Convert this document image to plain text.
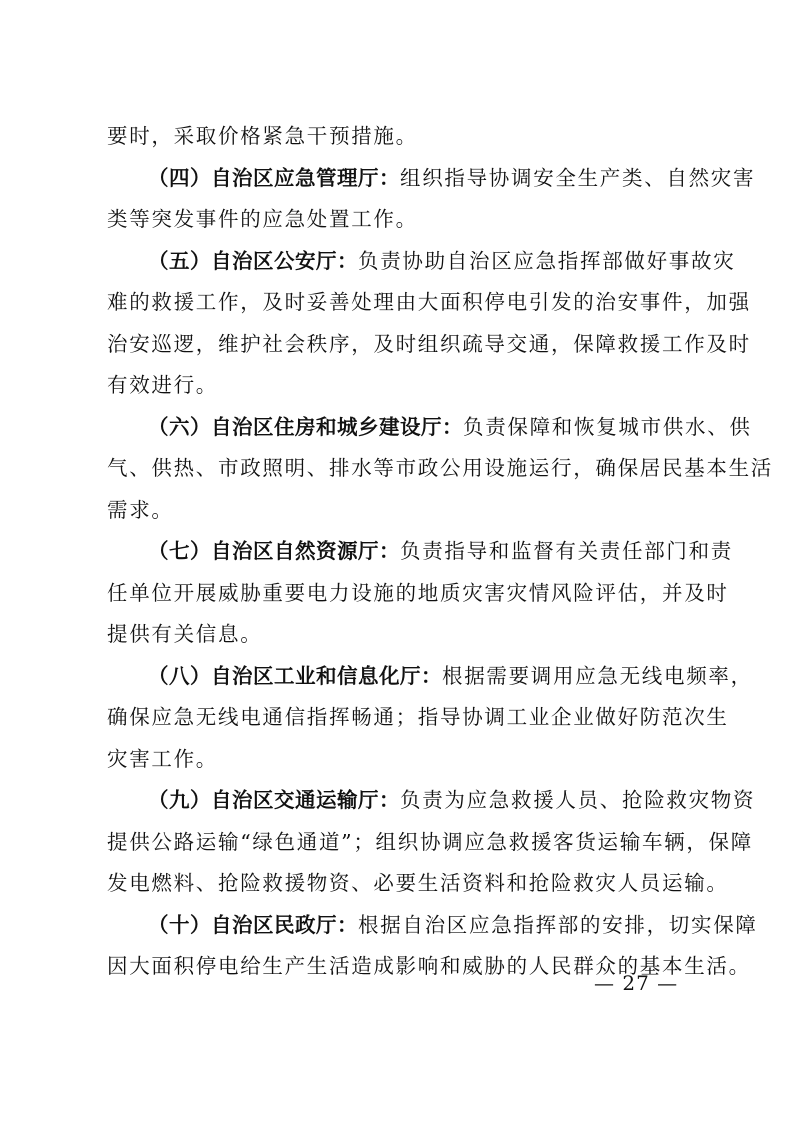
要时，采取价格紧急干预措施。
（四）自治区应急管理厅：组织指导协调安全生产类、自然灾害
类等突发事件的应急处置工作。
（五）自治区公安厅：负责协助自治区应急指挥部做好事故灾
难的救援工作，及时妥善处理由大面积停电引发的治安事件，加强
治安巡逻，维护社会秩序，及时组织疏导交通，保障救援工作及时
有效进行。
（六）自治区住房和城乡建设厅：负责保障和恢复城市供水、供
气、供热、市政照明、排水等市政公用设施运行，确保居民基本生活
需求。
（七）自治区自然资源厅：负责指导和监督有关责任部门和责
任单位开展威胁重要电力设施的地质灾害灾情风险评估，并及时
提供有关信息。
（八）自治区工业和信息化厅：根据需要调用应急无线电频率，
确保应急无线电通信指挥畅通；指导协调工业企业做好防范次生
灾害工作。
（九）自治区交通运输厅：负责为应急救援人员、抢险救灾物资
提供公路运输“绿色通道”；组织协调应急救援客货运输车辆，保障
发电燃料、抢险救援物资、必要生活资料和抢险救灾人员运输。
（十）自治区民政厅：根据自治区应急指挥部的安排，切实保障
因大面积停电给生产生活造成影响和威胁的人民群众的基本生活。
— 27 —
